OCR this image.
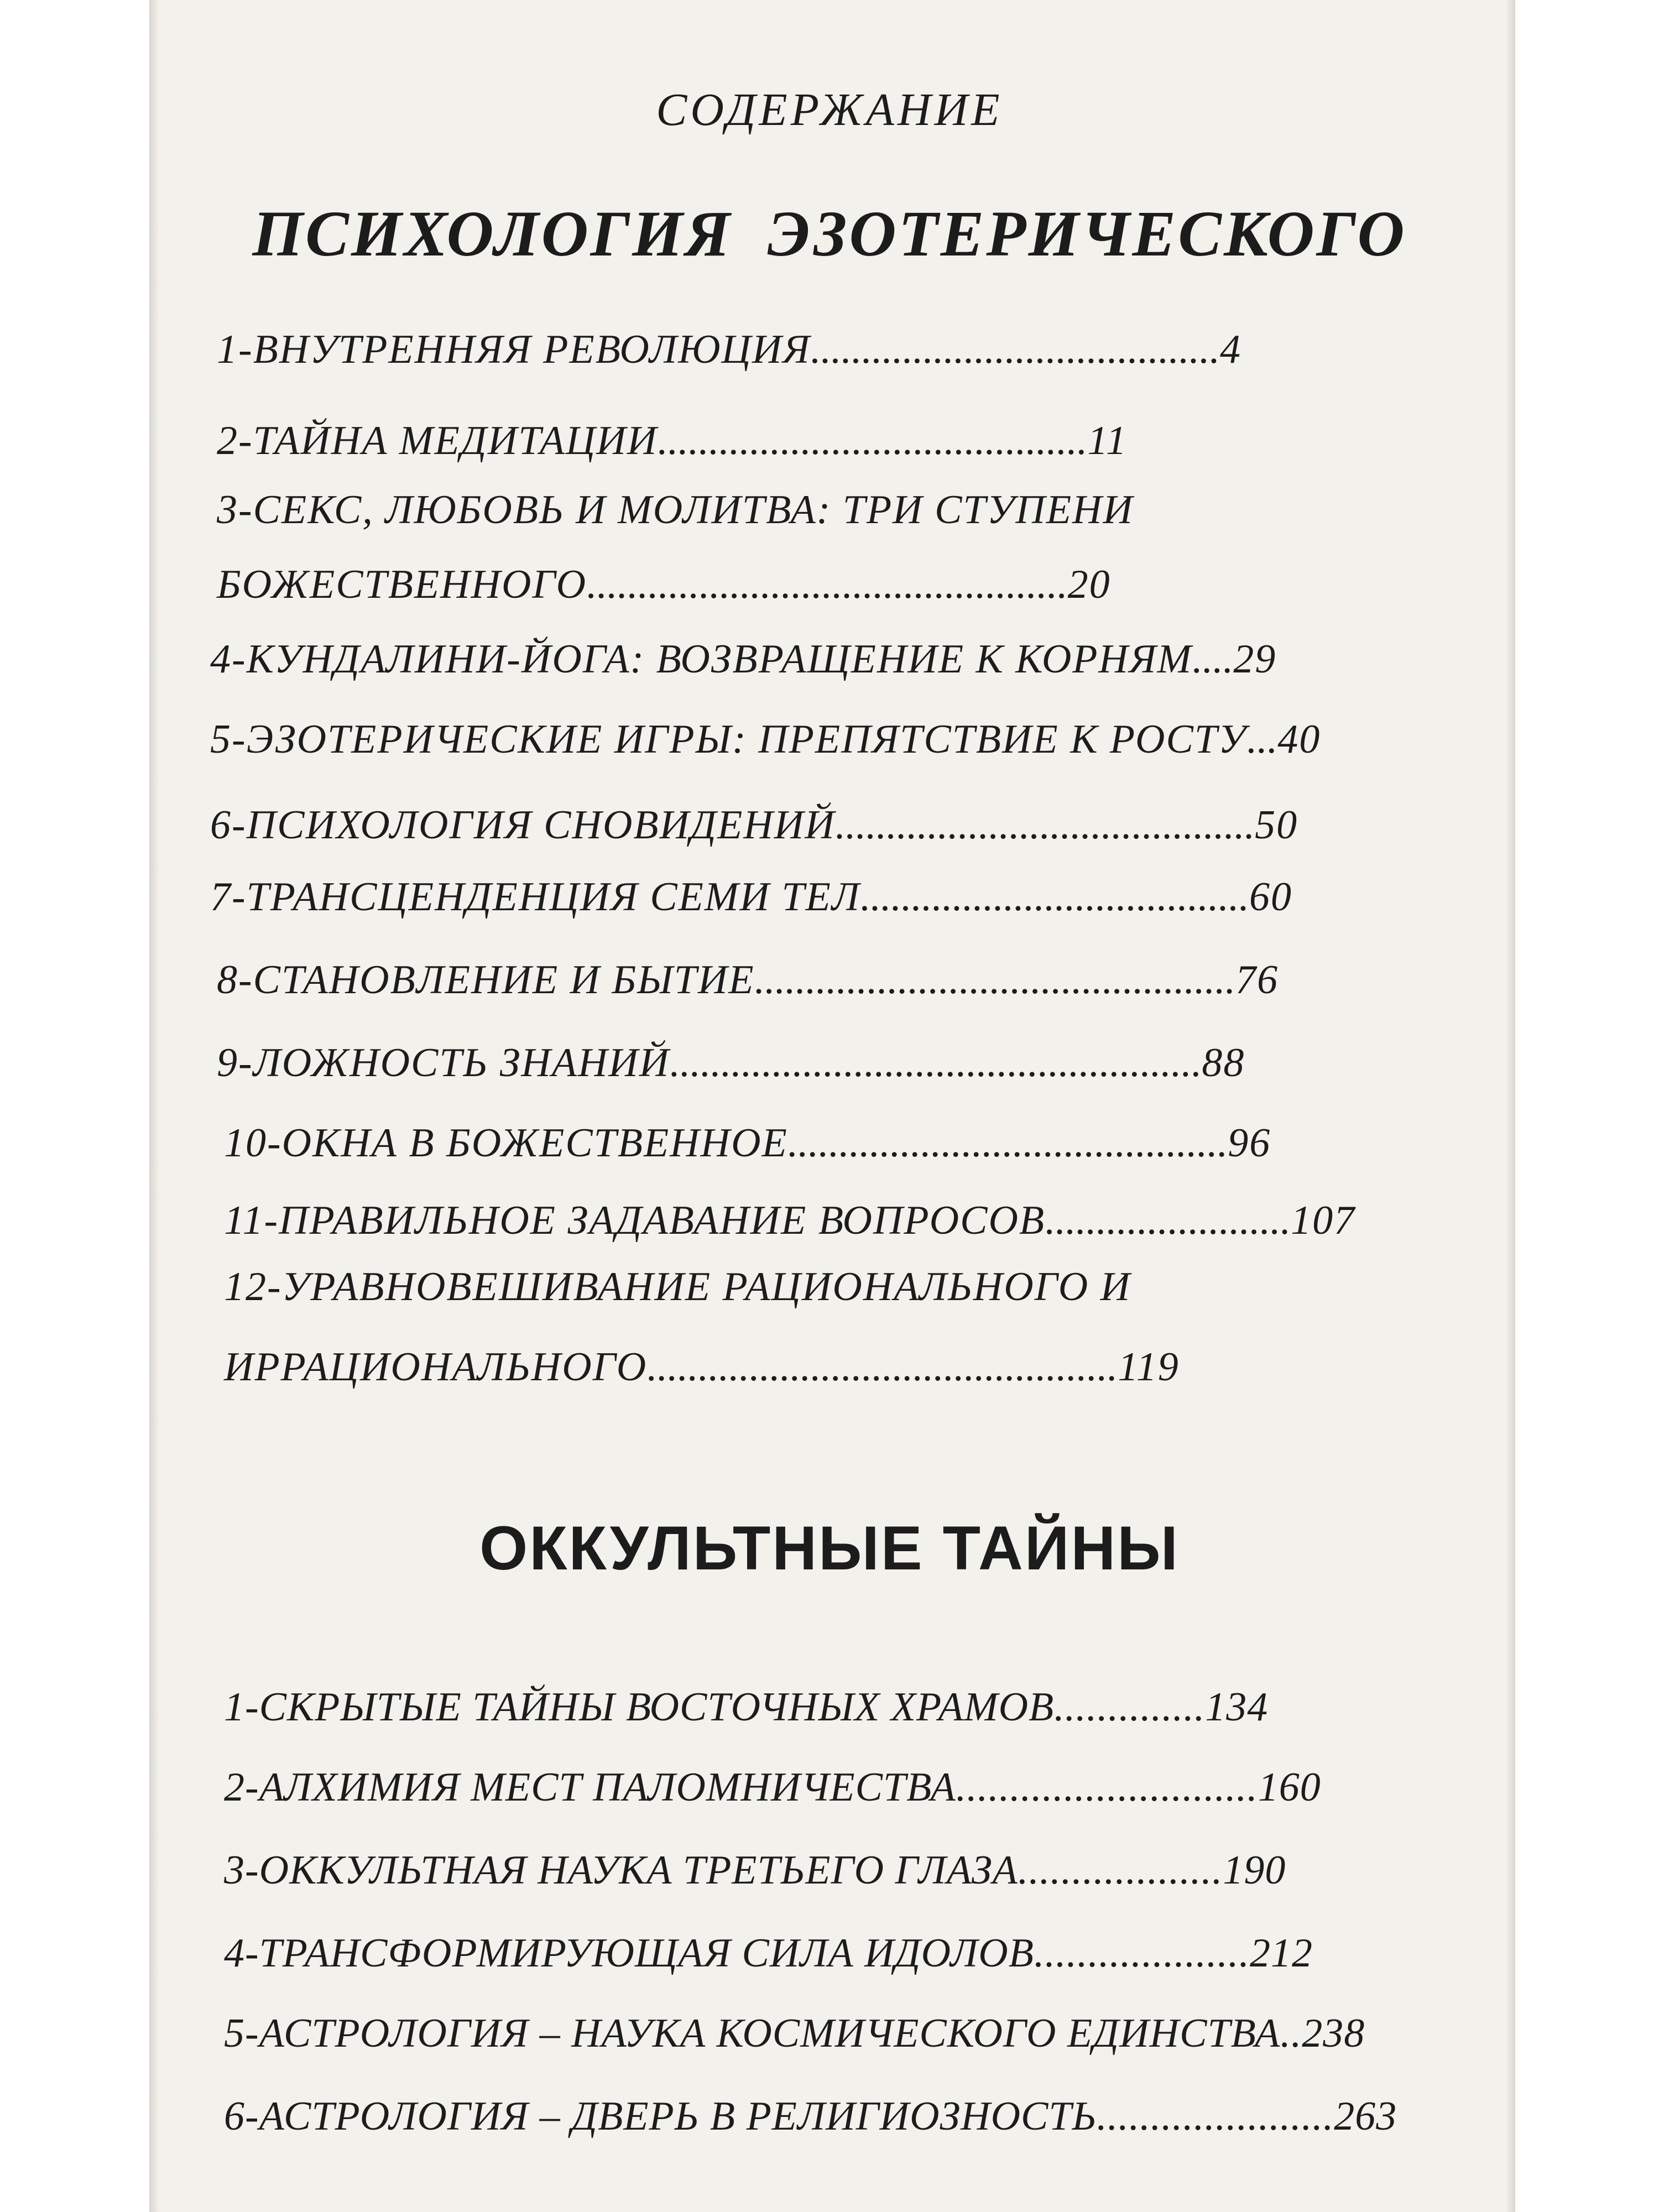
СОДЕРЖАНИЕ
ПСИХОЛОГИЯ ЭЗОТЕРИЧЕСКОГО
1-ВНУТРЕННЯЯ РЕВОЛЮЦИЯ........................................4
2-ТАЙНА МЕДИТАЦИИ..........................................11
3-СЕКС, ЛЮБОВЬ И МОЛИТВА: ТРИ СТУПЕНИ
БОЖЕСТВЕННОГО...............................................20
4-КУНДАЛИНИ-ЙОГА: ВОЗВРАЩЕНИЕ К КОРНЯМ....29
5-ЭЗОТЕРИЧЕСКИЕ ИГРЫ: ПРЕПЯТСТВИЕ К РОСТУ...40
6-ПСИХОЛОГИЯ СНОВИДЕНИЙ.........................................50
7-ТРАНСЦЕНДЕНЦИЯ СЕМИ ТЕЛ......................................60
8-СТАНОВЛЕНИЕ И БЫТИЕ...............................................76
9-ЛОЖНОСТЬ ЗНАНИЙ....................................................88
10-ОКНА В БОЖЕСТВЕННОЕ...........................................96
11-ПРАВИЛЬНОЕ ЗАДАВАНИЕ ВОПРОСОВ........................107
12-УРАВНОВЕШИВАНИЕ РАЦИОНАЛЬНОГО И
ИРРАЦИОНАЛЬНОГО..............................................119
ОККУЛЬТНЫЕ ТАЙНЫ
1-СКРЫТЫЕ ТАЙНЫ ВОСТОЧНЫХ ХРАМОВ..............134
2-АЛХИМИЯ МЕСТ ПАЛОМНИЧЕСТВА............................160
3-ОККУЛЬТНАЯ НАУКА ТРЕТЬЕГО ГЛАЗА...................190
4-ТРАНСФОРМИРУЮЩАЯ СИЛА ИДОЛОВ....................212
5-АСТРОЛОГИЯ – НАУКА КОСМИЧЕСКОГО ЕДИНСТВА..238
6-АСТРОЛОГИЯ – ДВЕРЬ В РЕЛИГИОЗНОСТЬ......................263
